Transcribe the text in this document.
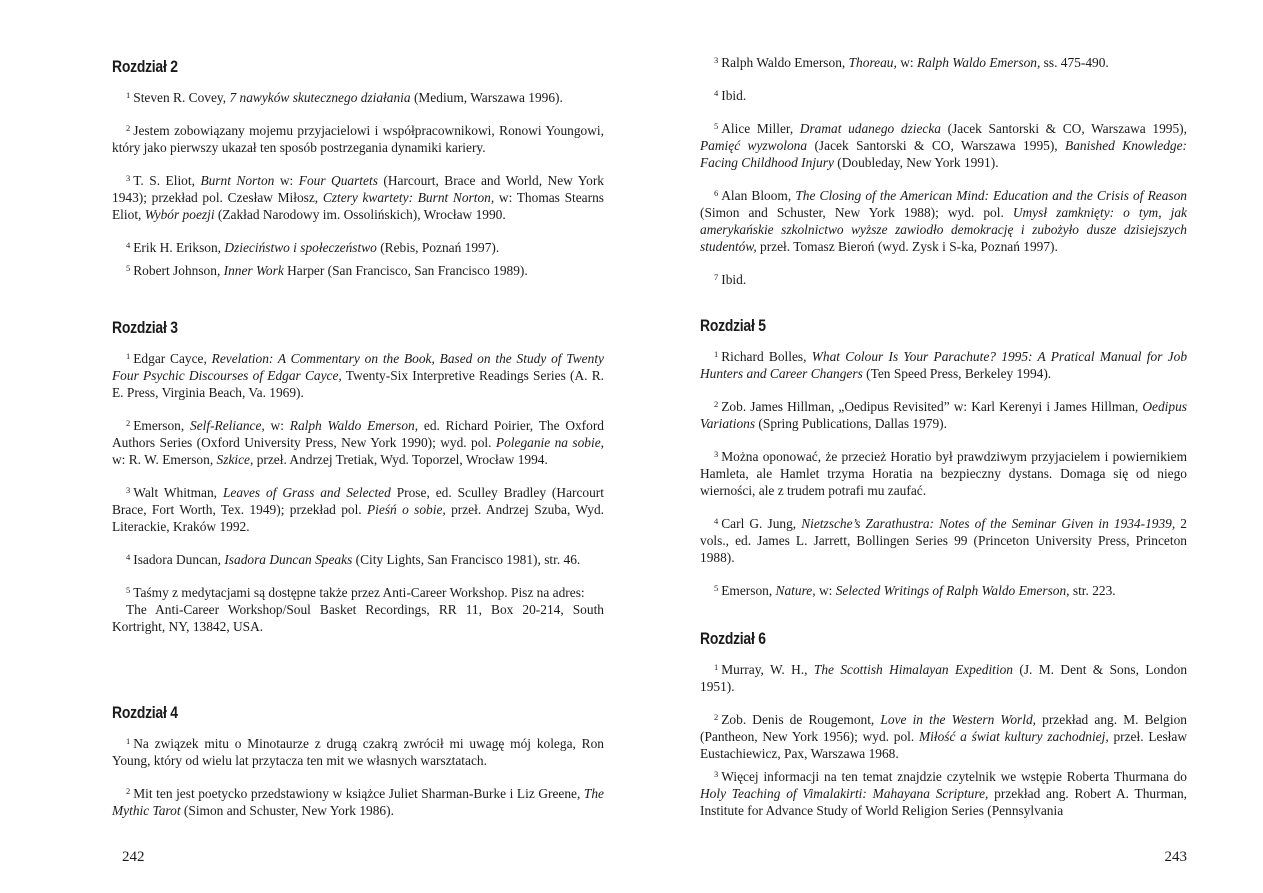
Rozdział 2
$^1$ Steven R. Covey, 7 nawyków skutecznego działania (Medium, Warszawa 1996).
$^2$ Jestem zobowiązany mojemu przyjacielowi i współpracownikowi, Ronowi Youngowi, który jako pierwszy ukazał ten sposób postrzegania dynamiki kariery.
$^3$ T. S. Eliot, Burnt Norton w: Four Quartets (Harcourt, Brace and World, New York 1943); przekład pol. Czesław Miłosz, Cztery kwartety: Burnt Norton, w: Thomas Stearns Eliot, Wybór poezji (Zakład Narodowy im. Ossolińskich), Wrocław 1990.
$^4$ Erik H. Erikson, Dzieciństwo i społeczeństwo (Rebis, Poznań 1997).
$^5$ Robert Johnson, Inner Work Harper (San Francisco, San Francisco 1989).
Rozdział 3
$^1$ Edgar Cayce, Revelation: A Commentary on the Book, Based on the Study of Twenty Four Psychic Discourses of Edgar Cayce, Twenty-Six Interpretive Readings Series (A. R. E. Press, Virginia Beach, Va. 1969).
$^2$ Emerson, Self-Reliance, w: Ralph Waldo Emerson, ed. Richard Poirier, The Oxford Authors Series (Oxford University Press, New York 1990); wyd. pol. Poleganie na sobie, w: R. W. Emerson, Szkice, przeł. Andrzej Tretiak, Wyd. Toporzel, Wrocław 1994.
$^3$ Walt Whitman, Leaves of Grass and Selected Prose, ed. Sculley Bradley (Harcourt Brace, Fort Worth, Tex. 1949); przekład pol. Pieśń o sobie, przeł. Andrzej Szuba, Wyd. Literackie, Kraków 1992.
$^4$ Isadora Duncan, Isadora Duncan Speaks (City Lights, San Francisco 1981), str. 46.
$^5$ Taśmy z medytacjami są dostępne także przez Anti-Career Workshop. Pisz na adres:
The Anti-Career Workshop/Soul Basket Recordings, RR 11, Box 20-214, South Kortright, NY, 13842, USA.
Rozdział 4
$^1$ Na związek mitu o Minotaurze z drugą czakrą zwrócił mi uwagę mój kolega, Ron Young, który od wielu lat przytacza ten mit we własnych warsztatach.
$^2$ Mit ten jest poetycko przedstawiony w książce Juliet Sharman-Burke i Liz Greene, The Mythic Tarot (Simon and Schuster, New York 1986).
242
$^3$ Ralph Waldo Emerson, Thoreau, w: Ralph Waldo Emerson, ss. 475-490.
$^4$ Ibid.
$^5$ Alice Miller, Dramat udanego dziecka (Jacek Santorski & CO, Warszawa 1995), Pamięć wyzwolona (Jacek Santorski & CO, Warszawa 1995), Banished Knowledge: Facing Childhood Injury (Doubleday, New York 1991).
$^6$ Alan Bloom, The Closing of the American Mind: Education and the Crisis of Reason (Simon and Schuster, New York 1988); wyd. pol. Umysł zamknięty: o tym, jak amerykańskie szkolnictwo wyższe zawiodło demokrację i zubożyło dusze dzisiejszych studentów, przeł. Tomasz Bieroń (wyd. Zysk i S-ka, Poznań 1997).
$^7$ Ibid.
Rozdział 5
$^1$ Richard Bolles, What Colour Is Your Parachute? 1995: A Pratical Manual for Job Hunters and Career Changers (Ten Speed Press, Berkeley 1994).
$^2$ Zob. James Hillman, „Oedipus Revisited” w: Karl Kerenyi i James Hillman, Oedipus Variations (Spring Publications, Dallas 1979).
$^3$ Można oponować, że przecież Horatio był prawdziwym przyjacielem i powiernikiem Hamleta, ale Hamlet trzyma Horatia na bezpieczny dystans. Domaga się od niego wierności, ale z trudem potrafi mu zaufać.
$^4$ Carl G. Jung, Nietzsche’s Zarathustra: Notes of the Seminar Given in 1934-1939, 2 vols., ed. James L. Jarrett, Bollingen Series 99 (Princeton University Press, Princeton 1988).
$^5$ Emerson, Nature, w: Selected Writings of Ralph Waldo Emerson, str. 223.
Rozdział 6
$^1$ Murray, W. H., The Scottish Himalayan Expedition (J. M. Dent & Sons, London 1951).
$^2$ Zob. Denis de Rougemont, Love in the Western World, przekład ang. M. Belgion (Pantheon, New York 1956); wyd. pol. Miłość a świat kultury zachodniej, przeł. Lesław Eustachiewicz, Pax, Warszawa 1968.
$^3$ Więcej informacji na ten temat znajdzie czytelnik we wstępie Roberta Thurmana do Holy Teaching of Vimalakirti: Mahayana Scripture, przekład ang. Robert A. Thurman, Institute for Advance Study of World Religion Series (Pennsylvania
243
